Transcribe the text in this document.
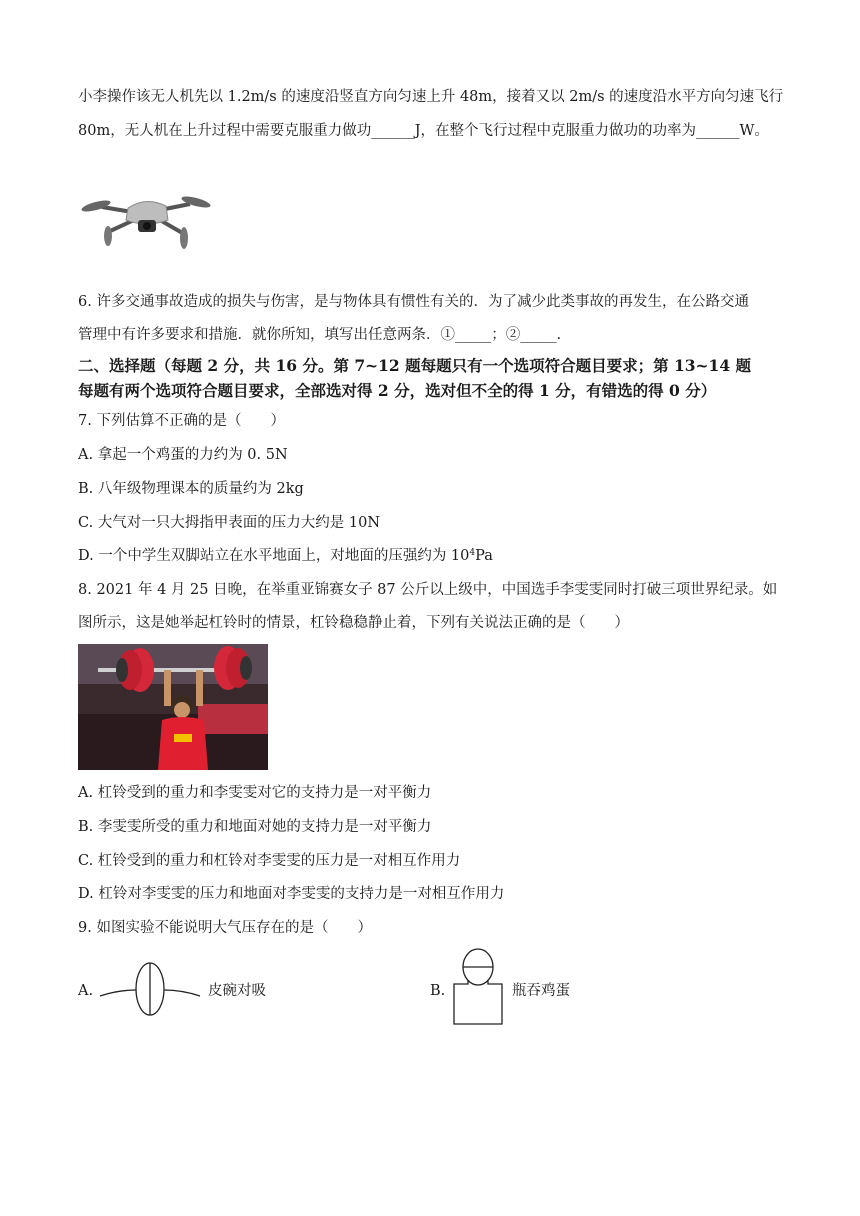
小李操作该无人机先以 1.2m/s 的速度沿竖直方向匀速上升 48m，接着又以 2m/s 的速度沿水平方向匀速飞行
80m，无人机在上升过程中需要克服重力做功______J，在整个飞行过程中克服重力做功的功率为______W。
6. 许多交通事故造成的损失与伤害，是与物体具有惯性有关的．为了减少此类事故的再发生，在公路交通
管理中有许多要求和措施．就你所知，填写出任意两条．①_____；②_____.
二、选择题（每题 2 分，共 16 分。第 7~12 题每题只有一个选项符合题目要求；第 13~14 题
每题有两个选项符合题目要求，全部选对得 2 分，选对但不全的得 1 分，有错选的得 0 分）
7. 下列估算不正确的是（　　）
A. 拿起一个鸡蛋的力约为 0. 5N
B. 八年级物理课本的质量约为 2kg
C. 大气对一只大拇指甲表面的压力大约是 10N
D. 一个中学生双脚站立在水平地面上，对地面的压强约为 $10^4Pa$
8. 2021 年 4 月 25 日晚，在举重亚锦赛女子 87 公斤以上级中，中国选手李雯雯同时打破三项世界纪录。如
图所示，这是她举起杠铃时的情景，杠铃稳稳静止着，下列有关说法正确的是（　　）
A. 杠铃受到的重力和李雯雯对它的支持力是一对平衡力
B. 李雯雯所受的重力和地面对她的支持力是一对平衡力
C. 杠铃受到的重力和杠铃对李雯雯的压力是一对相互作用力
D. 杠铃对李雯雯的压力和地面对李雯雯的支持力是一对相互作用力
9. 如图实验不能说明大气压存在的是（　　）
A.	皮碗对吸	B.	瓶吞鸡蛋
